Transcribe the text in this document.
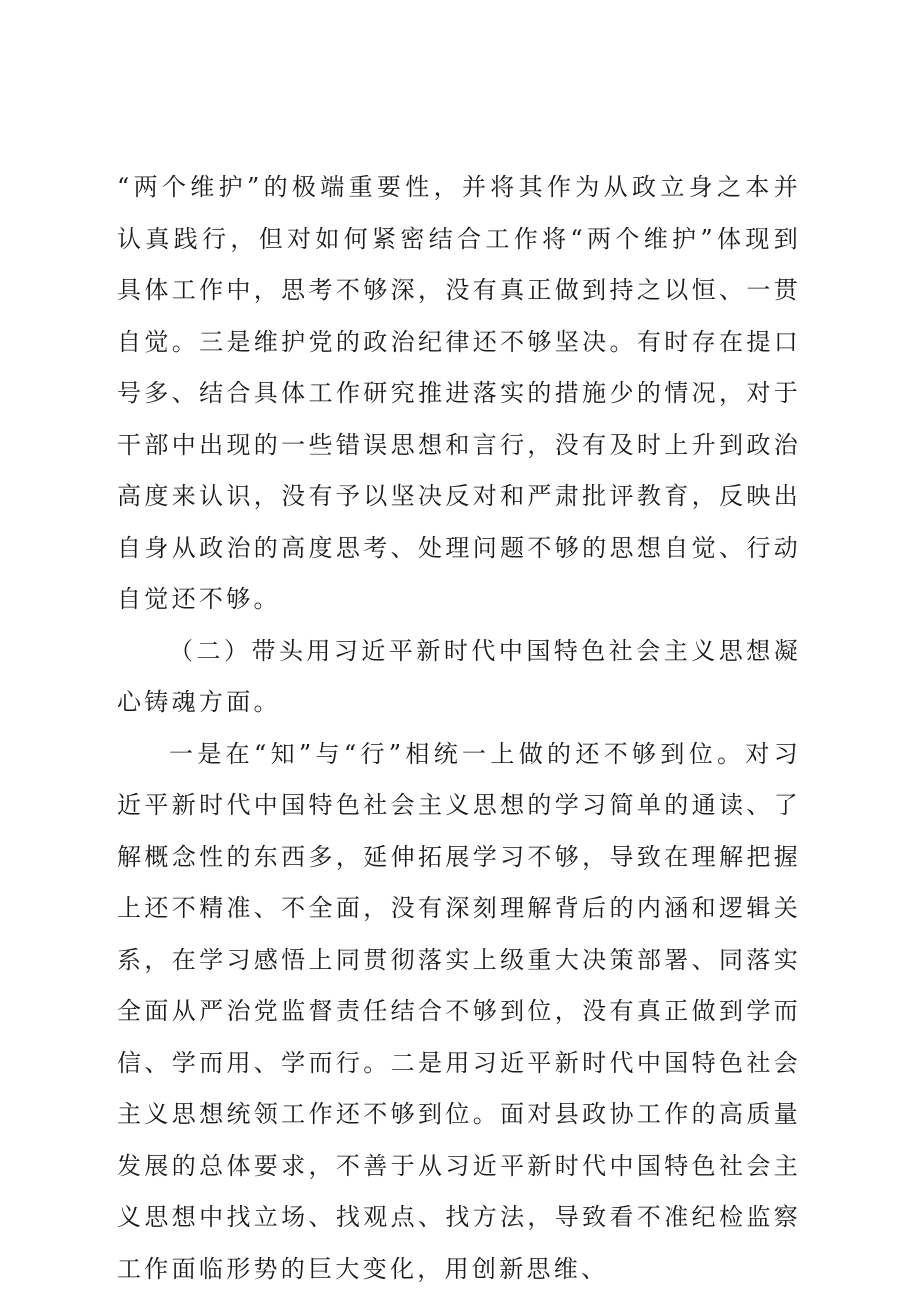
“两个维护”的极端重要性，并将其作为从政立身之本并认真践行，但对如何紧密结合工作将“两个维护”体现到具体工作中，思考不够深，没有真正做到持之以恒、一贯自觉。三是维护党的政治纪律还不够坚决。有时存在提口号多、结合具体工作研究推进落实的措施少的情况，对于干部中出现的一些错误思想和言行，没有及时上升到政治高度来认识，没有予以坚决反对和严肃批评教育，反映出自身从政治的高度思考、处理问题不够的思想自觉、行动自觉还不够。

（二）带头用习近平新时代中国特色社会主义思想凝心铸魂方面。

一是在“知”与“行”相统一上做的还不够到位。对习近平新时代中国特色社会主义思想的学习简单的通读、了解概念性的东西多，延伸拓展学习不够，导致在理解把握上还不精准、不全面，没有深刻理解背后的内涵和逻辑关系，在学习感悟上同贯彻落实上级重大决策部署、同落实全面从严治党监督责任结合不够到位，没有真正做到学而信、学而用、学而行。二是用习近平新时代中国特色社会主义思想统领工作还不够到位。面对县政协工作的高质量发展的总体要求，不善于从习近平新时代中国特色社会主义思想中找立场、找观点、找方法，导致看不准纪检监察工作面临形势的巨大变化，用创新思维、
